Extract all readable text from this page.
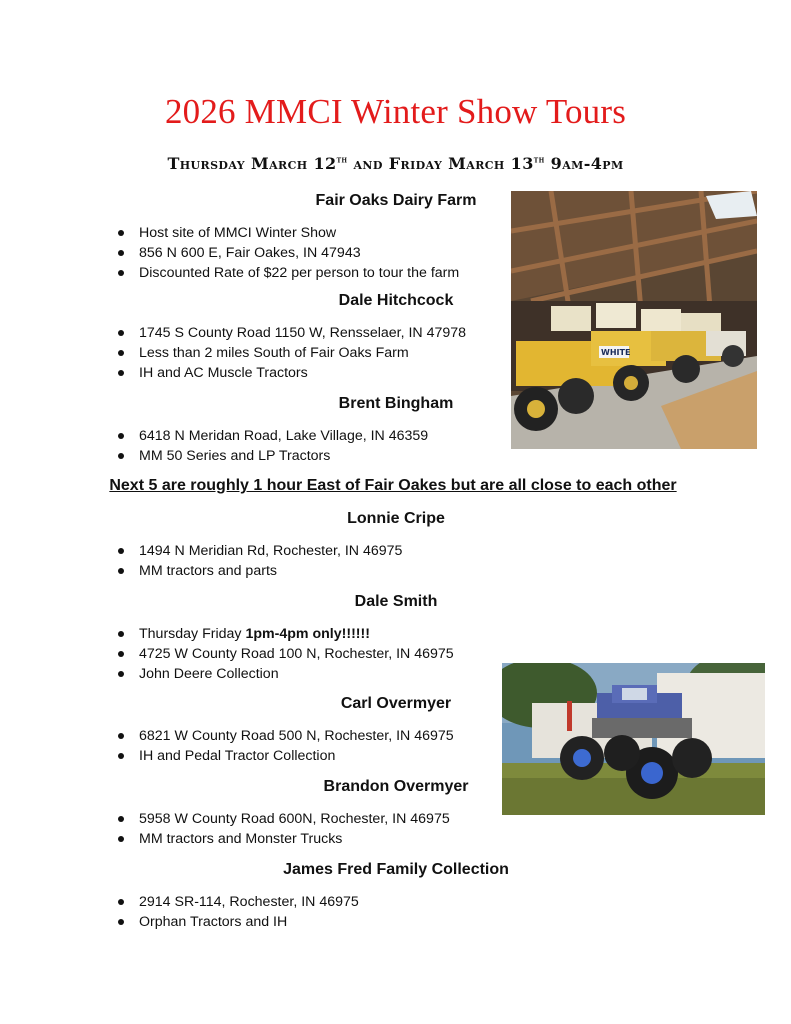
2026 MMCI Winter Show Tours
Thursday March 12th and Friday March 13th 9am-4pm
Fair Oaks Dairy Farm
Host site of MMCI Winter Show
856 N 600 E, Fair Oakes, IN 47943
Discounted Rate of $22 per person to tour the farm
Dale Hitchcock
1745 S County Road 1150 W, Rensselaer, IN 47978
Less than 2 miles South of Fair Oaks Farm
IH and AC Muscle Tractors
Brent Bingham
6418 N Meridan Road, Lake Village, IN 46359
MM 50 Series and LP Tractors
Next 5 are roughly 1 hour East of Fair Oakes but are all close to each other
Lonnie Cripe
1494 N Meridian Rd, Rochester, IN 46975
MM tractors and parts
Dale Smith
Thursday Friday 1pm-4pm only!!!!!!
4725 W County Road 100 N, Rochester, IN 46975
John Deere Collection
Carl Overmyer
6821 W County Road 500 N, Rochester, IN 46975
IH and Pedal Tractor Collection
Brandon Overmyer
5958 W County Road 600N, Rochester, IN 46975
MM tractors and Monster Trucks
James Fred Family Collection
2914 SR-114, Rochester, IN 46975
Orphan Tractors and IH
WHITE
